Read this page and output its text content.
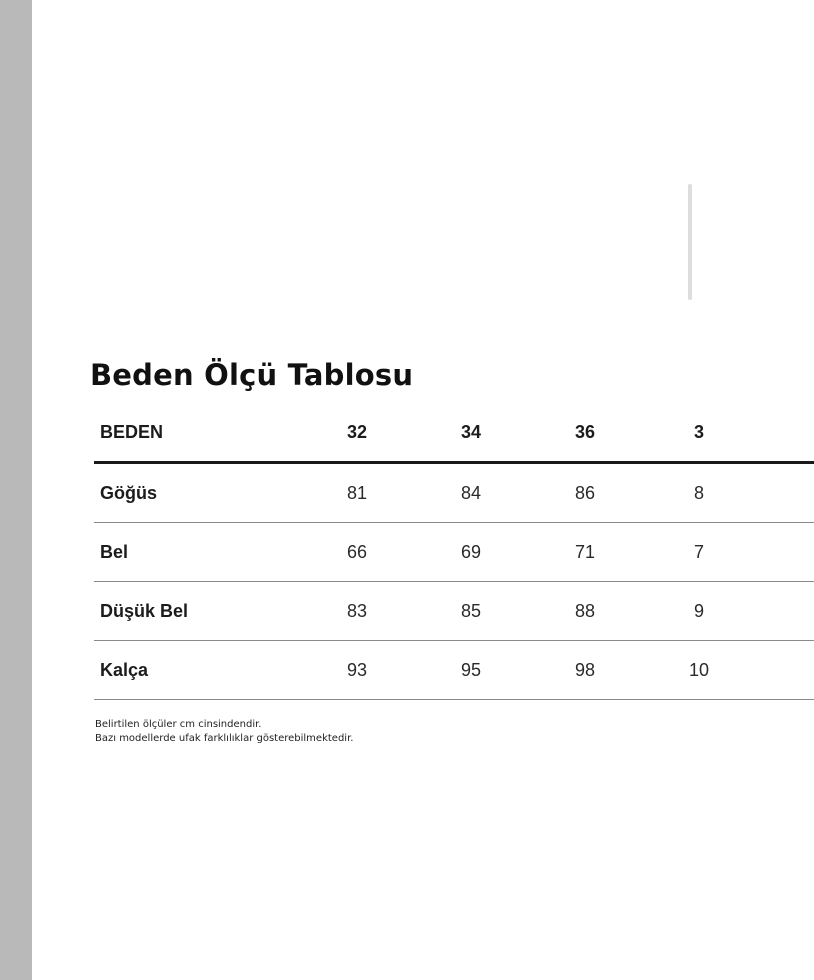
Beden Ölçü Tablosu
BEDEN	32	34	36	3
Göğüs	81	84	86	8
Bel	66	69	71	7
Düşük Bel	83	85	88	9
Kalça	93	95	98	10
Belirtilen ölçüler cm cinsindendir.
Bazı modellerde ufak farklılıklar gösterebilmektedir.
